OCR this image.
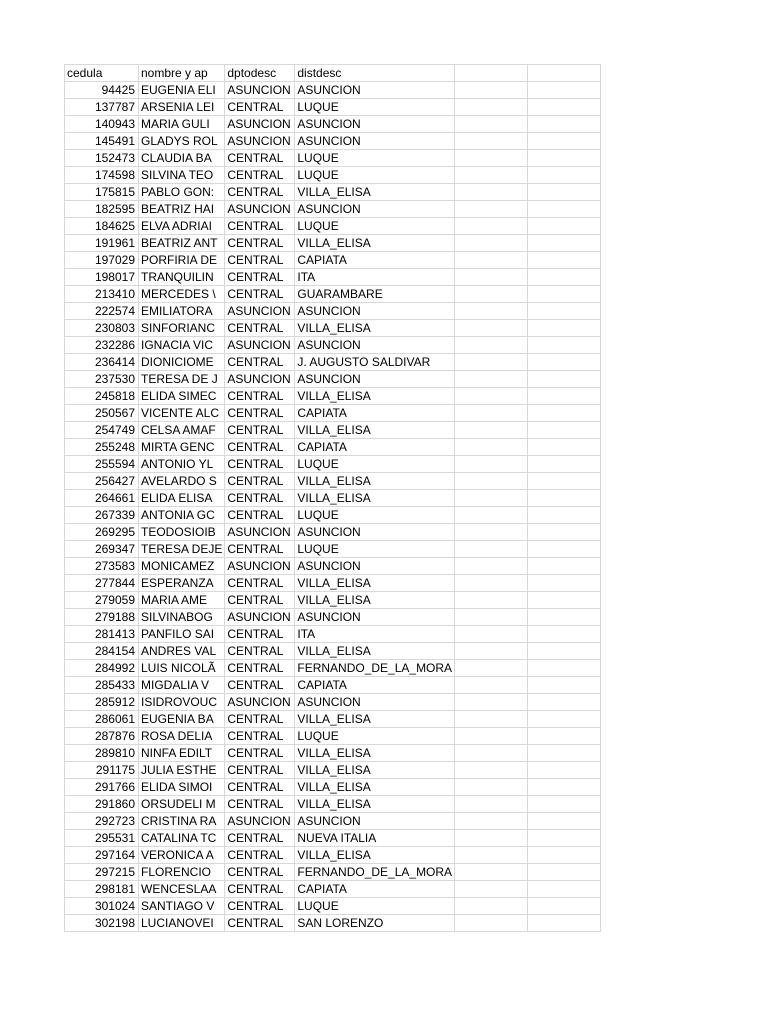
cedula	nombre y ap	dptodesc	distdesc		
94425	EUGENIA ELI	ASUNCION	ASUNCION		
137787	ARSENIA LEI	CENTRAL	LUQUE		
140943	MARIA GULI	ASUNCION	ASUNCION		
145491	GLADYS ROL	ASUNCION	ASUNCION		
152473	CLAUDIA BA	CENTRAL	LUQUE		
174598	SILVINA TEO	CENTRAL	LUQUE		
175815	PABLO GON:	CENTRAL	VILLA_ELISA		
182595	BEATRIZ HAI	ASUNCION	ASUNCION		
184625	ELVA ADRIAI	CENTRAL	LUQUE		
191961	BEATRIZ ANT	CENTRAL	VILLA_ELISA		
197029	PORFIRIA DE	CENTRAL	CAPIATA		
198017	TRANQUILIN	CENTRAL	ITA		
213410	MERCEDES \	CENTRAL	GUARAMBARE		
222574	EMILIATORA	ASUNCION	ASUNCION		
230803	SINFORIANC	CENTRAL	VILLA_ELISA		
232286	IGNACIA VIC	ASUNCION	ASUNCION		
236414	DIONICIOME	CENTRAL	J. AUGUSTO SALDIVAR		
237530	TERESA DE J	ASUNCION	ASUNCION		
245818	ELIDA SIMEC	CENTRAL	VILLA_ELISA		
250567	VICENTE ALC	CENTRAL	CAPIATA		
254749	CELSA AMAF	CENTRAL	VILLA_ELISA		
255248	MIRTA GENC	CENTRAL	CAPIATA		
255594	ANTONIO YL	CENTRAL	LUQUE		
256427	AVELARDO S	CENTRAL	VILLA_ELISA		
264661	ELIDA ELISA	CENTRAL	VILLA_ELISA		
267339	ANTONIA GC	CENTRAL	LUQUE		
269295	TEODOSIOIB	ASUNCION	ASUNCION		
269347	TERESA DEJE	CENTRAL	LUQUE		
273583	MONICAMEZ	ASUNCION	ASUNCION		
277844	ESPERANZA	CENTRAL	VILLA_ELISA		
279059	MARIA AME	CENTRAL	VILLA_ELISA		
279188	SILVINABOG	ASUNCION	ASUNCION		
281413	PANFILO SAI	CENTRAL	ITA		
284154	ANDRES VAL	CENTRAL	VILLA_ELISA		
284992	LUIS NICOLÃ	CENTRAL	FERNANDO_DE_LA_MORA		
285433	MIGDALIA V	CENTRAL	CAPIATA		
285912	ISIDROVOUC	ASUNCION	ASUNCION		
286061	EUGENIA BA	CENTRAL	VILLA_ELISA		
287876	ROSA DELIA	CENTRAL	LUQUE		
289810	NINFA EDILT	CENTRAL	VILLA_ELISA		
291175	JULIA ESTHE	CENTRAL	VILLA_ELISA		
291766	ELIDA SIMOI	CENTRAL	VILLA_ELISA		
291860	ORSUDELI M	CENTRAL	VILLA_ELISA		
292723	CRISTINA RA	ASUNCION	ASUNCION		
295531	CATALINA TC	CENTRAL	NUEVA ITALIA		
297164	VERONICA A	CENTRAL	VILLA_ELISA		
297215	FLORENCIO	CENTRAL	FERNANDO_DE_LA_MORA		
298181	WENCESLAA	CENTRAL	CAPIATA		
301024	SANTIAGO V	CENTRAL	LUQUE		
302198	LUCIANOVEI	CENTRAL	SAN LORENZO		
